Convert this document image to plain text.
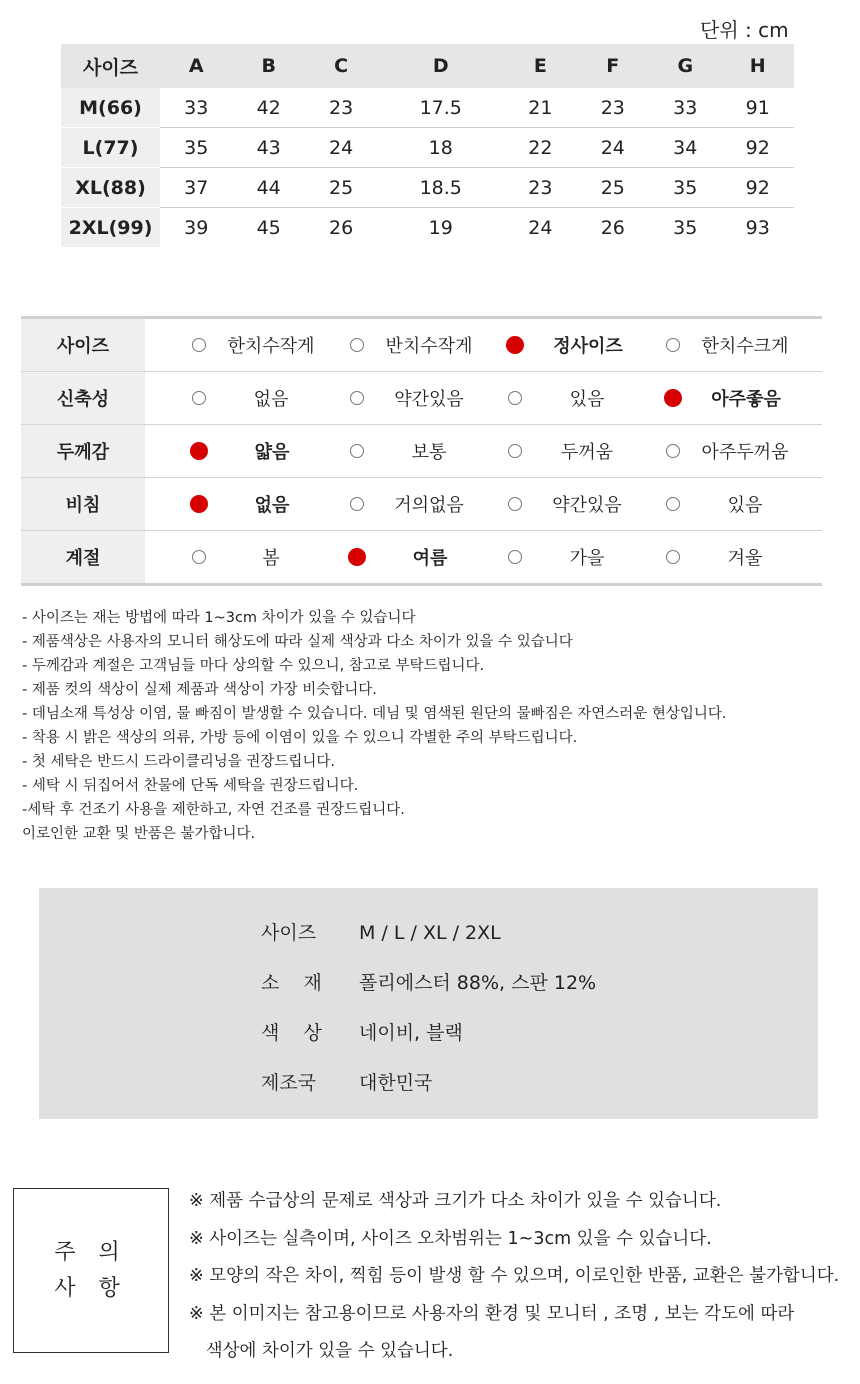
단위 : cm
사이즈	A	B	C	D	E	F	G	H
M(66)	33	42	23	17.5	21	23	33	91
L(77)	35	43	24	18	22	24	34	92
XL(88)	37	44	25	18.5	23	25	35	92
2XL(99)	39	45	26	19	24	26	35	93
사이즈	한치수작게 반치수작게 정사이즈 한치수크게

신축성	없음 약간있음 있음 아주좋음

두께감	얇음 보통 두꺼움 아주두꺼움

비침	없음 거의없음 약간있음 있음

계절	봄 여름 가을 겨울
- 사이즈는 재는 방법에 따라 1~3cm 차이가 있을 수 있습니다
- 제품색상은 사용자의 모니터 해상도에 따라 실제 색상과 다소 차이가 있을 수 있습니다
- 두께감과 계절은 고객님들 마다 상의할 수 있으니, 참고로 부탁드립니다.
- 제품 컷의 색상이 실제 제품과 색상이 가장 비슷합니다.
- 데님소재 특성상 이염, 물 빠짐이 발생할 수 있습니다. 데님 및 염색된 원단의 물빠짐은 자연스러운 현상입니다.
- 착용 시 밝은 색상의 의류, 가방 등에 이염이 있을 수 있으니 각별한 주의 부탁드립니다.
- 첫 세탁은 반드시 드라이클리닝을 권장드립니다.
- 세탁 시 뒤집어서 찬물에 단독 세탁을 권장드립니다.
-세탁 후 건조기 사용을 제한하고, 자연 건조를 권장드립니다.
이로인한 교환 및 반품은 불가합니다.
사이즈 M / L / XL / 2XL
소    재 폴리에스터 88%, 스판 12%
색    상 네이비, 블랙
제조국 대한민국
주 의
사 항
※ 제품 수급상의 문제로 색상과 크기가 다소 차이가 있을 수 있습니다.
※ 사이즈는 실측이며, 사이즈 오차범위는 1~3cm 있을 수 있습니다.
※ 모양의 작은 차이, 찍힘 등이 발생 할 수 있으며, 이로인한 반품, 교환은 불가합니다.
※ 본 이미지는 참고용이므로 사용자의 환경 및 모니터 , 조명 , 보는 각도에 따라
색상에 차이가 있을 수 있습니다.
